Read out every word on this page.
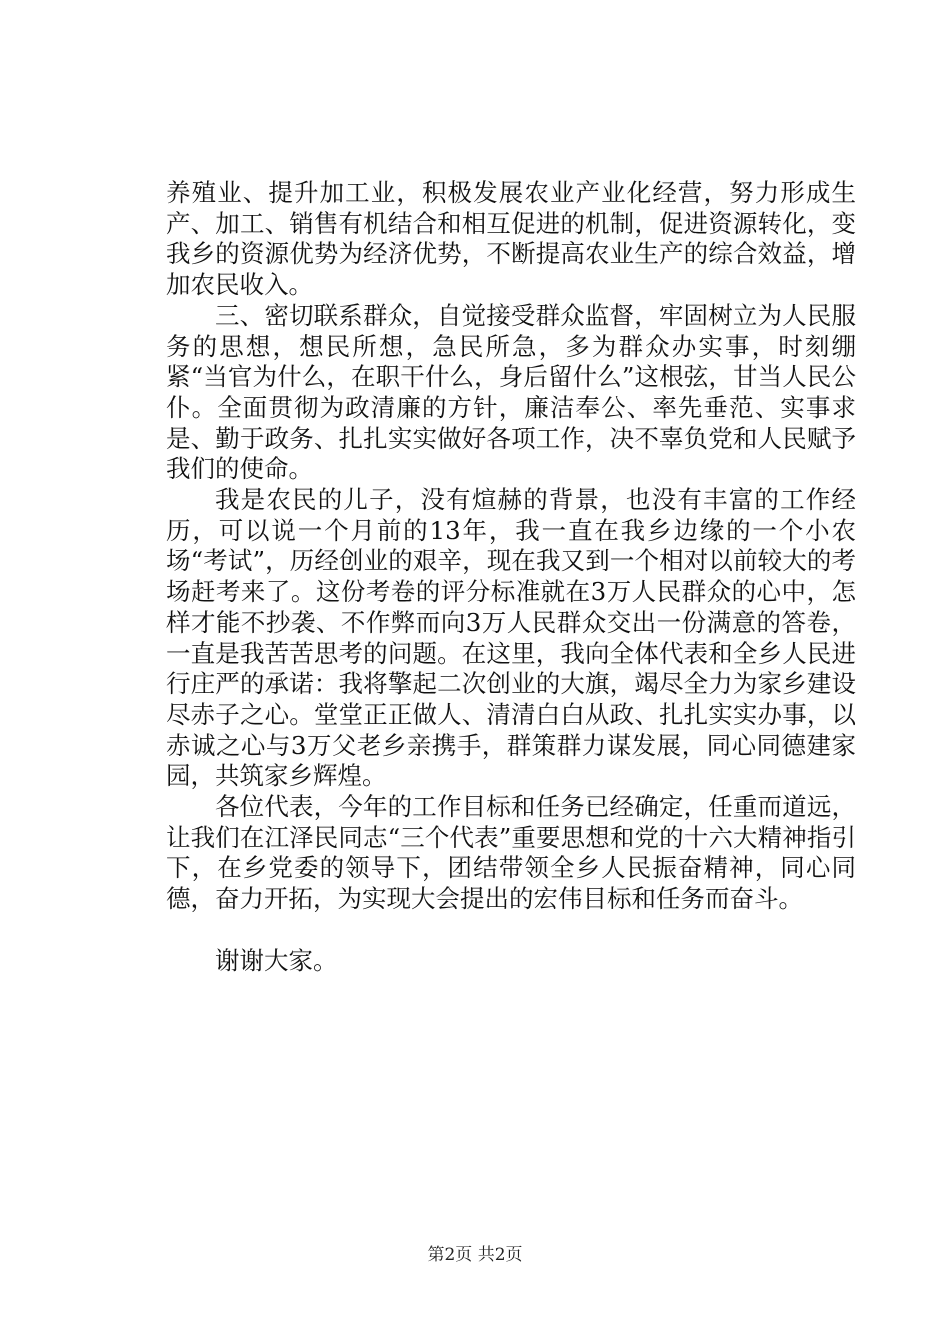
养殖业、提升加工业，积极发展农业产业化经营，努力形成生产、加工、销售有机结合和相互促进的机制，促进资源转化，变我乡的资源优势为经济优势，不断提高农业生产的综合效益，增加农民收入。

三、密切联系群众，自觉接受群众监督，牢固树立为人民服务的思想，想民所想，急民所急，多为群众办实事，时刻绷紧“当官为什么，在职干什么，身后留什么”这根弦，甘当人民公仆。全面贯彻为政清廉的方针，廉洁奉公、率先垂范、实事求是、勤于政务、扎扎实实做好各项工作，决不辜负党和人民赋予我们的使命。

我是农民的儿子，没有煊赫的背景，也没有丰富的工作经历，可以说一个月前的13年，我一直在我乡边缘的一个小农场“考试”，历经创业的艰辛，现在我又到一个相对以前较大的考场赶考来了。这份考卷的评分标准就在3万人民群众的心中，怎样才能不抄袭、不作弊而向3万人民群众交出一份满意的答卷，一直是我苦苦思考的问题。在这里，我向全体代表和全乡人民进行庄严的承诺：我将擎起二次创业的大旗，竭尽全力为家乡建设尽赤子之心。堂堂正正做人、清清白白从政、扎扎实实办事，以赤诚之心与3万父老乡亲携手，群策群力谋发展，同心同德建家园，共筑家乡辉煌。

各位代表，今年的工作目标和任务已经确定，任重而道远，让我们在江泽民同志“三个代表”重要思想和党的十六大精神指引下，在乡党委的领导下，团结带领全乡人民振奋精神，同心同德，奋力开拓，为实现大会提出的宏伟目标和任务而奋斗。

谢谢大家。

第2页 共2页
